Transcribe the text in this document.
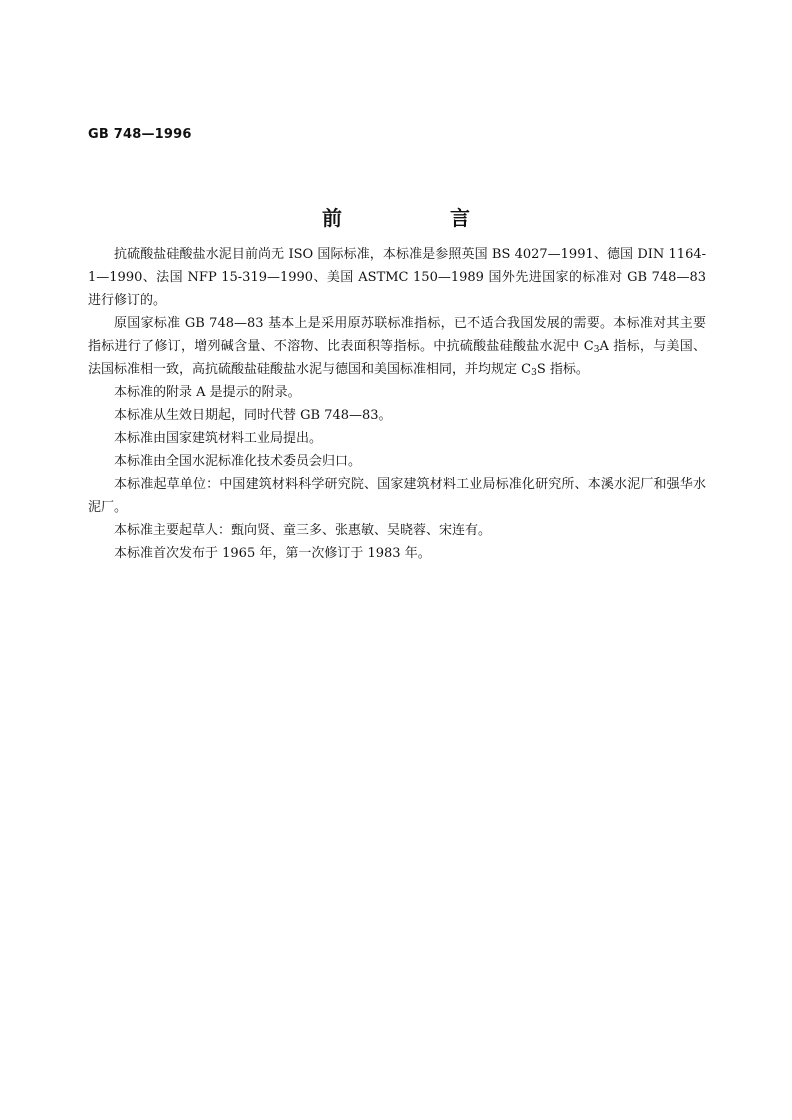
GB 748—1996
前　言

抗硫酸盐硅酸盐水泥目前尚无 ISO 国际标准，本标准是参照英国 BS 4027—1991、德国 DIN 1164-1—1990、法国 NFP 15-319—1990、美国 ASTMC 150—1989 国外先进国家的标准对 GB 748—83 进行修订的。

原国家标准 GB 748—83 基本上是采用原苏联标准指标，已不适合我国发展的需要。本标准对其主要指标进行了修订，增列碱含量、不溶物、比表面积等指标。中抗硫酸盐硅酸盐水泥中 $C_3A$ 指标，与美国、法国标准相一致，高抗硫酸盐硅酸盐水泥与德国和美国标准相同，并均规定 $C_3S$ 指标。

本标准的附录 A 是提示的附录。

本标准从生效日期起，同时代替 GB 748—83。

本标准由国家建筑材料工业局提出。

本标准由全国水泥标准化技术委员会归口。

本标准起草单位：中国建筑材料科学研究院、国家建筑材料工业局标准化研究所、本溪水泥厂和强华水泥厂。

本标准主要起草人：甄向贤、童三多、张惠敏、吴晓蓉、宋连有。

本标准首次发布于 1965 年，第一次修订于 1983 年。
